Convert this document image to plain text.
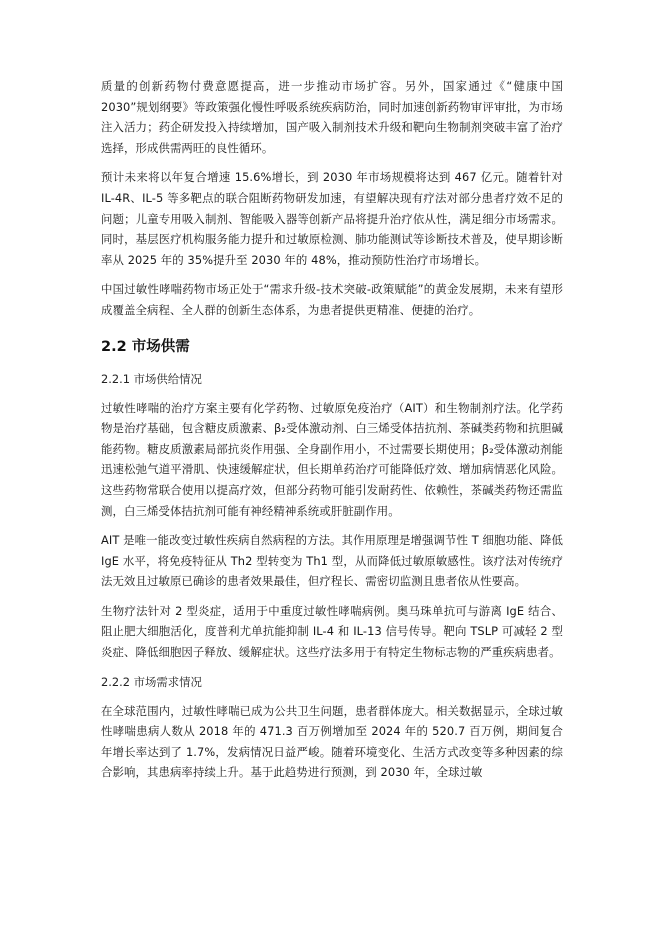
质量的创新药物付费意愿提高，进一步推动市场扩容。另外，国家通过《“健康中国2030”规划纲要》等政策强化慢性呼吸系统疾病防治，同时加速创新药物审评审批，为市场注入活力；药企研发投入持续增加，国产吸入制剂技术升级和靶向生物制剂突破丰富了治疗选择，形成供需两旺的良性循环。

预计未来将以年复合增速 15.6%增长，到 2030 年市场规模将达到 467 亿元。随着针对 IL-4R、IL-5 等多靶点的联合阻断药物研发加速，有望解决现有疗法对部分患者疗效不足的问题；儿童专用吸入制剂、智能吸入器等创新产品将提升治疗依从性，满足细分市场需求。同时，基层医疗机构服务能力提升和过敏原检测、肺功能测试等诊断技术普及，使早期诊断率从 2025 年的 35%提升至 2030 年的 48%，推动预防性治疗市场增长。

中国过敏性哮喘药物市场正处于“需求升级-技术突破-政策赋能”的黄金发展期，未来有望形成覆盖全病程、全人群的创新生态体系，为患者提供更精准、便捷的治疗。

2.2 市场供需
2.2.1 市场供给情况

过敏性哮喘的治疗方案主要有化学药物、过敏原免疫治疗（AIT）和生物制剂疗法。化学药物是治疗基础，包含糖皮质激素、β₂受体激动剂、白三烯受体拮抗剂、茶碱类药物和抗胆碱能药物。糖皮质激素局部抗炎作用强、全身副作用小，不过需要长期使用；β₂受体激动剂能迅速松弛气道平滑肌、快速缓解症状，但长期单药治疗可能降低疗效、增加病情恶化风险。这些药物常联合使用以提高疗效，但部分药物可能引发耐药性、依赖性，茶碱类药物还需监测，白三烯受体拮抗剂可能有神经精神系统或肝脏副作用。

AIT 是唯一能改变过敏性疾病自然病程的方法。其作用原理是增强调节性 T 细胞功能、降低 IgE 水平，将免疫特征从 Th2 型转变为 Th1 型，从而降低过敏原敏感性。该疗法对传统疗法无效且过敏原已确诊的患者效果最佳，但疗程长、需密切监测且患者依从性要高。

生物疗法针对 2 型炎症，适用于中重度过敏性哮喘病例。奥马珠单抗可与游离 IgE 结合、阻止肥大细胞活化，度普利尤单抗能抑制 IL-4 和 IL-13 信号传导。靶向 TSLP 可减轻 2 型炎症、降低细胞因子释放、缓解症状。这些疗法多用于有特定生物标志物的严重疾病患者。

2.2.2 市场需求情况

在全球范围内，过敏性哮喘已成为公共卫生问题，患者群体庞大。相关数据显示，全球过敏性哮喘患病人数从 2018 年的 471.3 百万例增加至 2024 年的 520.7 百万例，期间复合年增长率达到了 1.7%，发病情况日益严峻。随着环境变化、生活方式改变等多种因素的综合影响，其患病率持续上升。基于此趋势进行预测，到 2030 年，全球过敏
